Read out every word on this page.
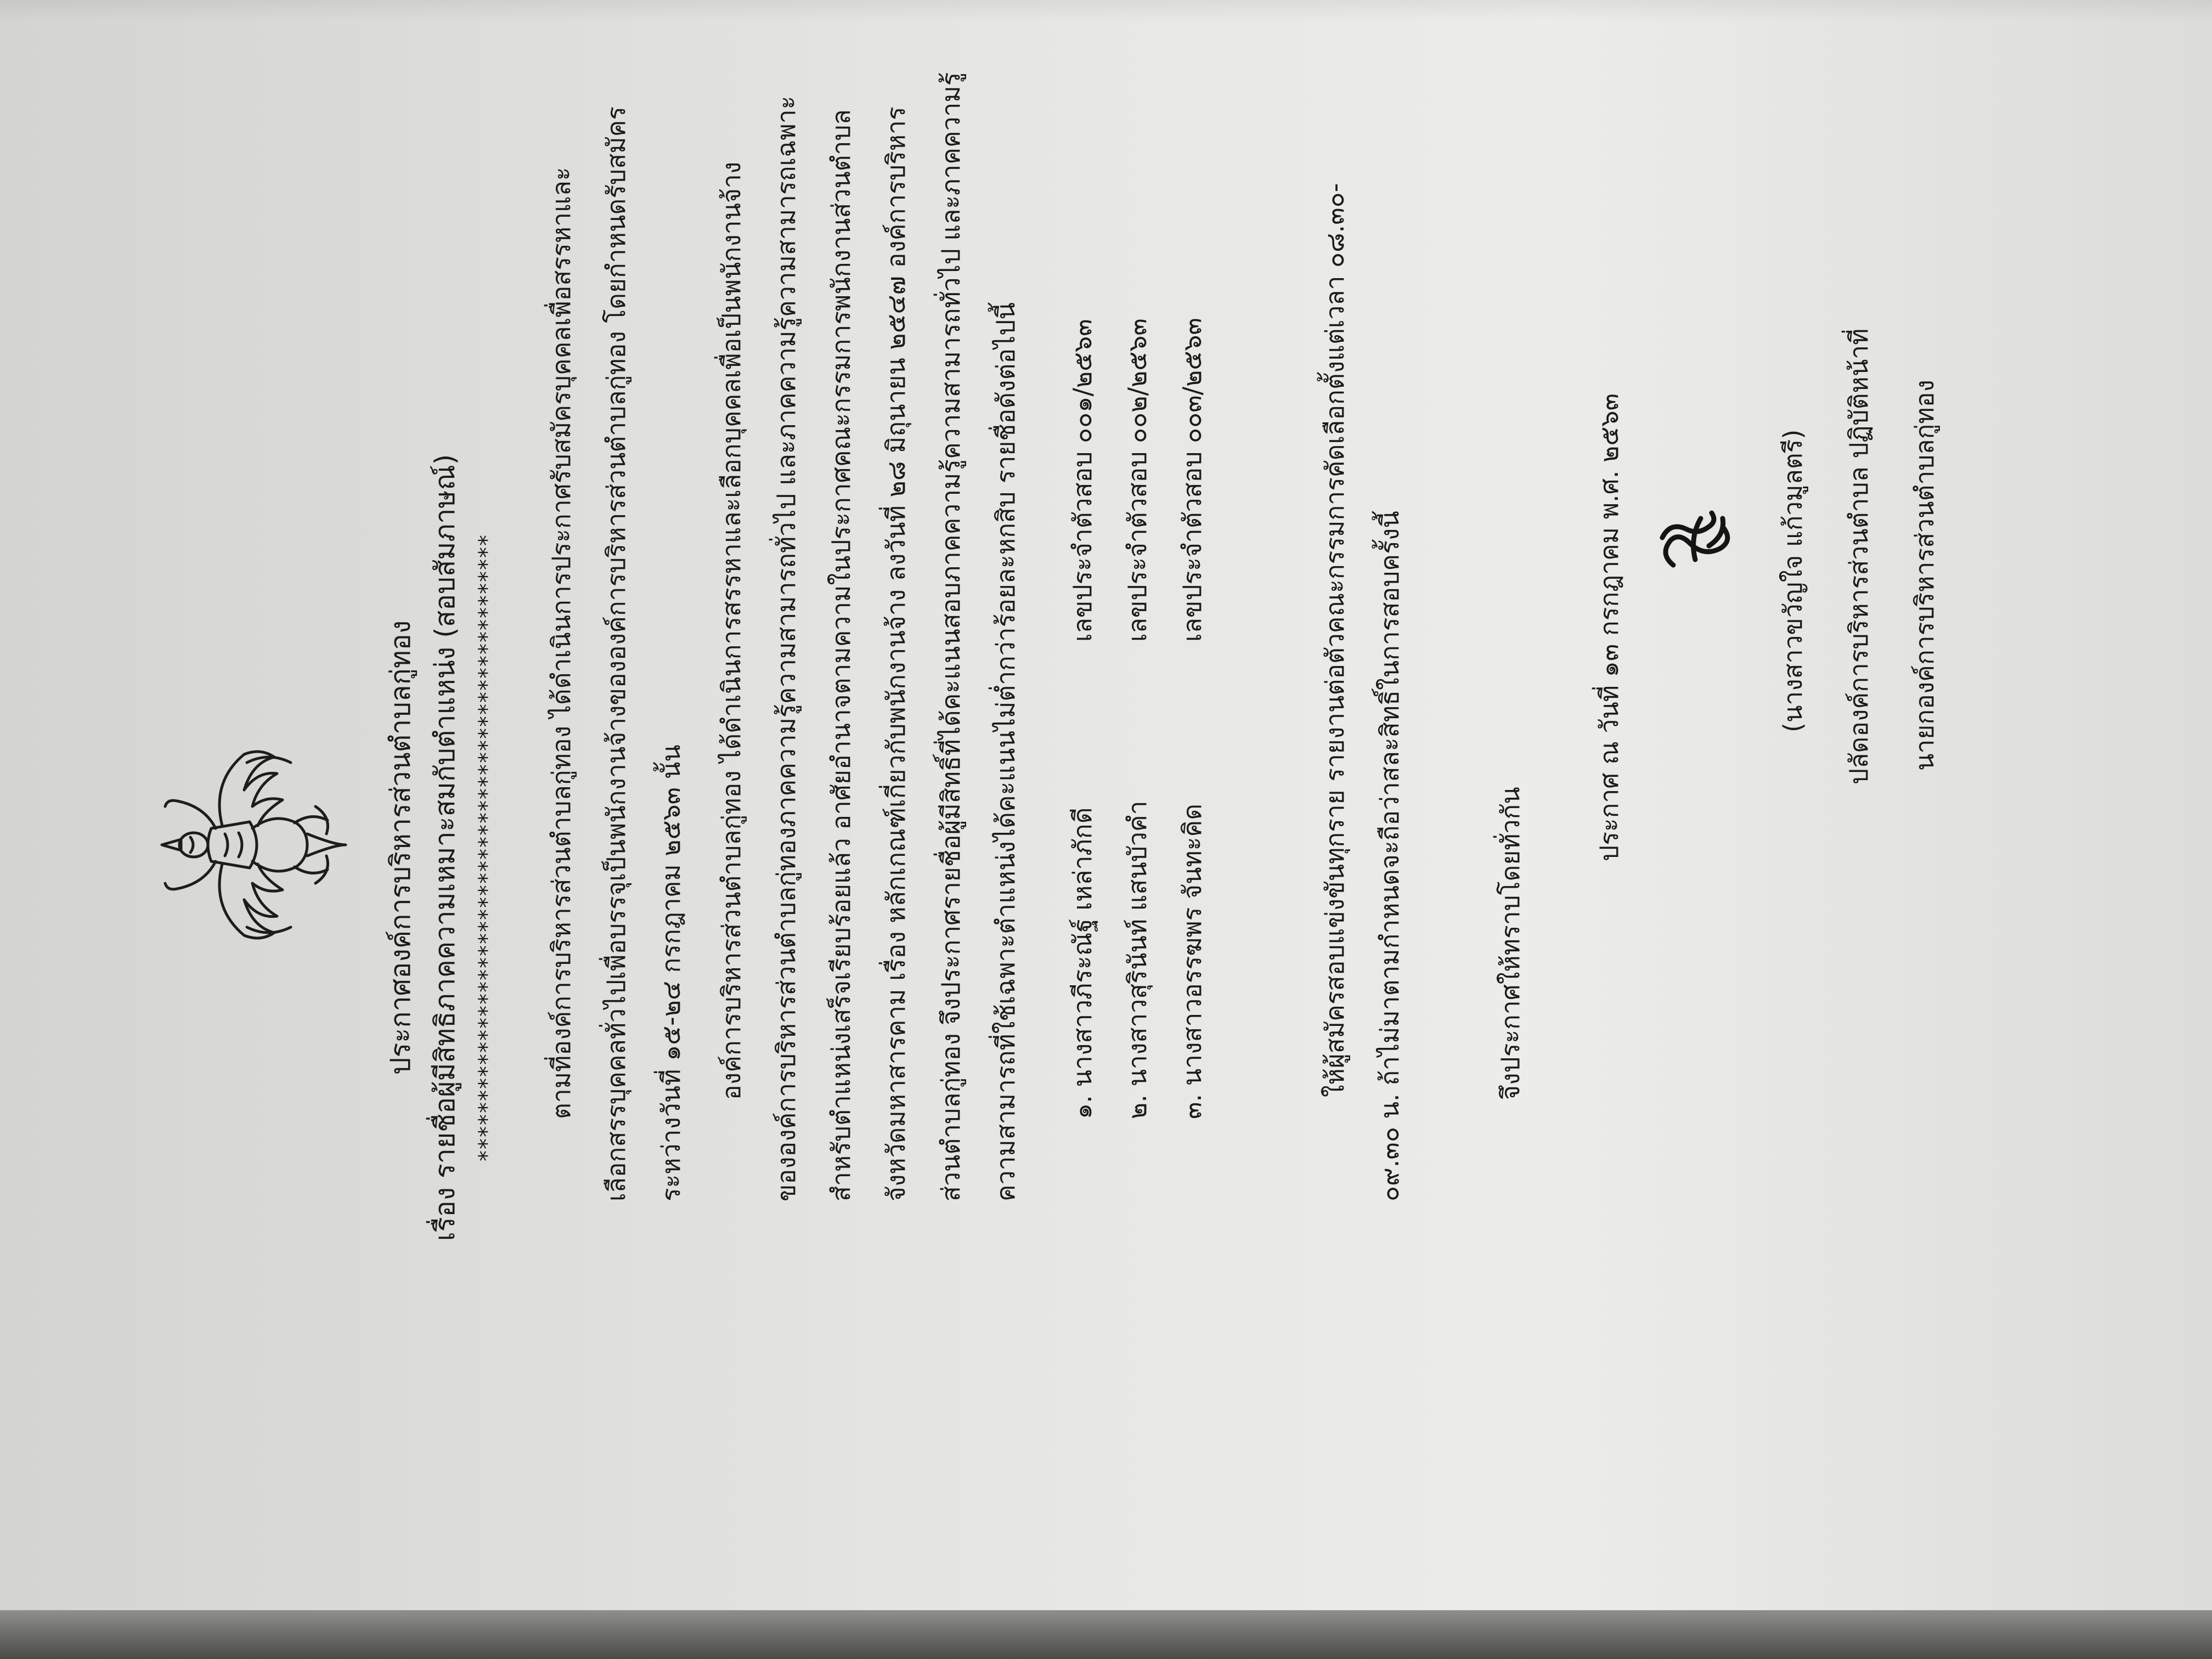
ประกาศองค์การบริหารส่วนตำบลกู่ทอง เรื่อง รายชื่อผู้มีสิทธิภาคความเหมาะสมกับตำแหน่ง (สอบสัมภาษณ์) **************************************************** ตามที่องค์การบริหารส่วนตำบลกู่ทอง ได้ดำเนินการประกาศรับสมัครบุคคลเพื่อสรรหาและ เลือกสรรบุคคลทั่วไปเพื่อบรรจุเป็นพนักงานจ้างขององค์การบริหารส่วนตำบลกู่ทอง โดยกำหนดรับสมัคร ระหว่างวันที่ ๑๕-๒๔ กรกฎาคม ๒๕๖๓ นั้น องค์การบริหารส่วนตำบลกู่ทอง ได้ดำเนินการสรรหาและเลือกบุคคลเพื่อเป็นพนักงานจ้าง ขององค์การบริหารส่วนตำบลกู่ทองภาคความรู้ความสามารถทั่วไป และภาคความรู้ความสามารถเฉพาะ สำหรับตำแหน่งเสร็จเรียบร้อยแล้ว อาศัยอำนาจตามความในประกาศคณะกรรมการพนักงานส่วนตำบล จังหวัดมหาสารคาม เรื่อง หลักเกณฑ์เกี่ยวกับพนักงานจ้าง ลงวันที่ ๒๘ มิถุนายน ๒๕๔๗ องค์การบริหาร ส่วนตำบลกู่ทอง จึงประกาศรายชื่อผู้มีสิทธิ์ที่ได้คะแนนสอบภาคความรู้ความสามารถทั่วไป และภาคความรู้ ความสามารถที่ใช้เฉพาะตำแหน่งได้คะแนนไม่ต่ำกว่าร้อยละหกสิบ รายชื่อดังต่อไปนี้ ๑. นางสาวภีระณัฐ์ เหล่าภักดี
เลขประจำตัวสอบ ๐๐๑/๒๕๖๓
๒. นางสาวสุรินันท์ แสนบัวคำ
เลขประจำตัวสอบ ๐๐๒/๒๕๖๓
๓. นางสาวอรรฆพร จันทะคิด
เลขประจำตัวสอบ ๐๐๓/๒๕๖๓	ให้ผู้สมัครสอบแข่งขันทุกราย รายงานต่อตัวคณะกรรมการคัดเลือกตั้งแต่เวลา ๐๘.๓๐- ๐๙.๓๐ น. ถ้าไม่มาตามกำหนดจะถือว่าสละสิทธิ์ในการสอบครั้งนี้	จึงประกาศให้ทราบโดยทั่วกัน
ประกาศ ณ วันที่ ๑๓ กรกฎาคม พ.ศ. ๒๕๖๓	(นางสาวขวัญใจ แก้วมูลตรี) ปลัดองค์การบริหารส่วนตำบล ปฏิบัติหน้าที่ นายกองค์การบริหารส่วนตำบลกู่ทอง
